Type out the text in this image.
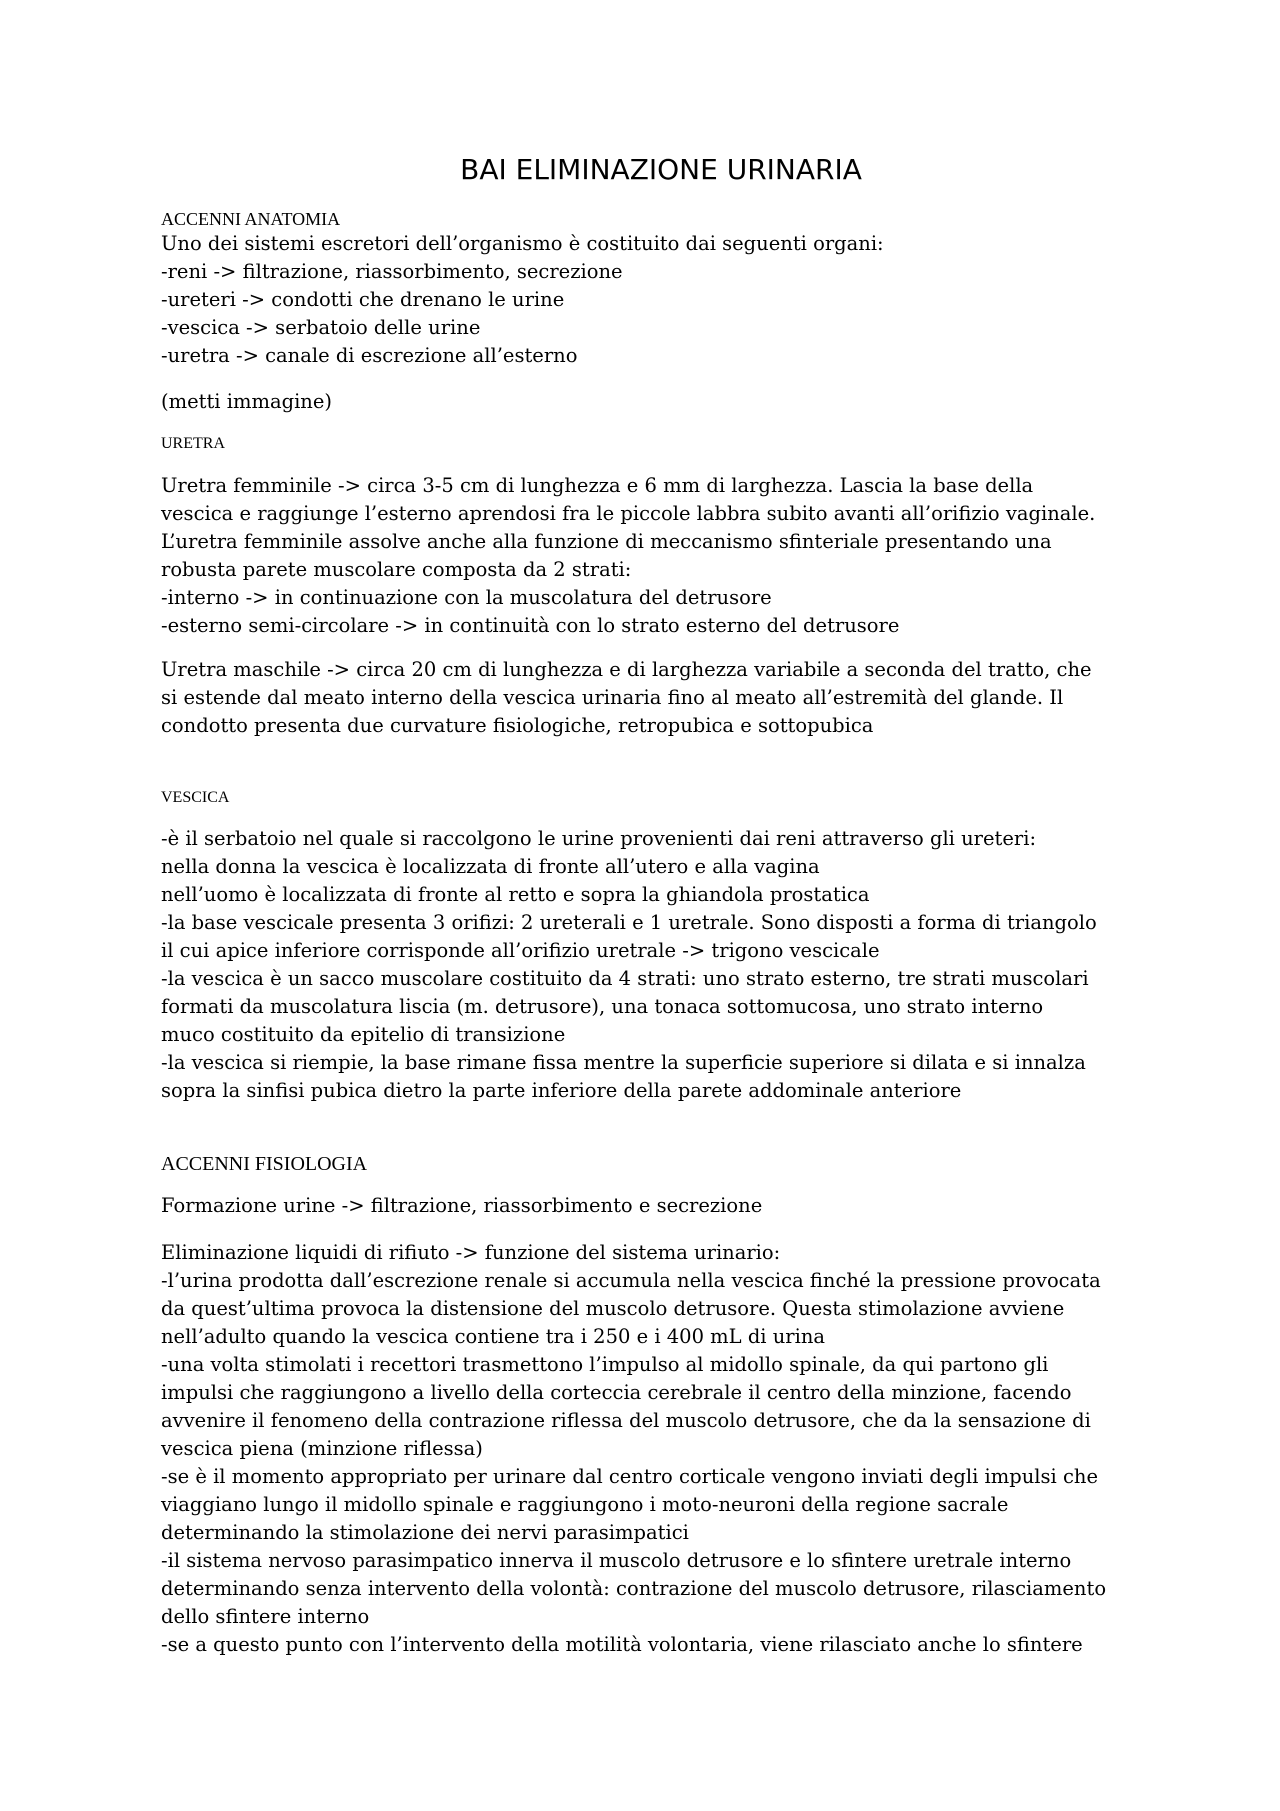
BAI ELIMINAZIONE URINARIA
ACCENNI ANATOMIA
Uno dei sistemi escretori dell’organismo è costituito dai seguenti organi:
-reni -> filtrazione, riassorbimento, secrezione
-ureteri -> condotti che drenano le urine
-vescica -> serbatoio delle urine
-uretra -> canale di escrezione all’esterno
(metti immagine)
URETRA
Uretra femminile -> circa 3-5 cm di lunghezza e 6 mm di larghezza. Lascia la base della
vescica e raggiunge l’esterno aprendosi fra le piccole labbra subito avanti all’orifizio vaginale.
L’uretra femminile assolve anche alla funzione di meccanismo sfinteriale presentando una
robusta parete muscolare composta da 2 strati:
-interno -> in continuazione con la muscolatura del detrusore
-esterno semi-circolare -> in continuità con lo strato esterno del detrusore
Uretra maschile -> circa 20 cm di lunghezza e di larghezza variabile a seconda del tratto, che
si estende dal meato interno della vescica urinaria fino al meato all’estremità del glande. Il
condotto presenta due curvature fisiologiche, retropubica e sottopubica
VESCICA
-è il serbatoio nel quale si raccolgono le urine provenienti dai reni attraverso gli ureteri:
nella donna la vescica è localizzata di fronte all’utero e alla vagina
nell’uomo è localizzata di fronte al retto e sopra la ghiandola prostatica
-la base vescicale presenta 3 orifizi: 2 ureterali e 1 uretrale. Sono disposti a forma di triangolo
il cui apice inferiore corrisponde all’orifizio uretrale -> trigono vescicale
-la vescica è un sacco muscolare costituito da 4 strati: uno strato esterno, tre strati muscolari
formati da muscolatura liscia (m. detrusore), una tonaca sottomucosa, uno strato interno
muco costituito da epitelio di transizione
-la vescica si riempie, la base rimane fissa mentre la superficie superiore si dilata e si innalza
sopra la sinfisi pubica dietro la parte inferiore della parete addominale anteriore
ACCENNI FISIOLOGIA
Formazione urine -> filtrazione, riassorbimento e secrezione
Eliminazione liquidi di rifiuto -> funzione del sistema urinario:
-l’urina prodotta dall’escrezione renale si accumula nella vescica finché la pressione provocata
da quest’ultima provoca la distensione del muscolo detrusore. Questa stimolazione avviene
nell’adulto quando la vescica contiene tra i 250 e i 400 mL di urina
-una volta stimolati i recettori trasmettono l’impulso al midollo spinale, da qui partono gli
impulsi che raggiungono a livello della corteccia cerebrale il centro della minzione, facendo
avvenire il fenomeno della contrazione riflessa del muscolo detrusore, che da la sensazione di
vescica piena (minzione riflessa)
-se è il momento appropriato per urinare dal centro corticale vengono inviati degli impulsi che
viaggiano lungo il midollo spinale e raggiungono i moto-neuroni della regione sacrale
determinando la stimolazione dei nervi parasimpatici
-il sistema nervoso parasimpatico innerva il muscolo detrusore e lo sfintere uretrale interno
determinando senza intervento della volontà: contrazione del muscolo detrusore, rilasciamento
dello sfintere interno
-se a questo punto con l’intervento della motilità volontaria, viene rilasciato anche lo sfintere
